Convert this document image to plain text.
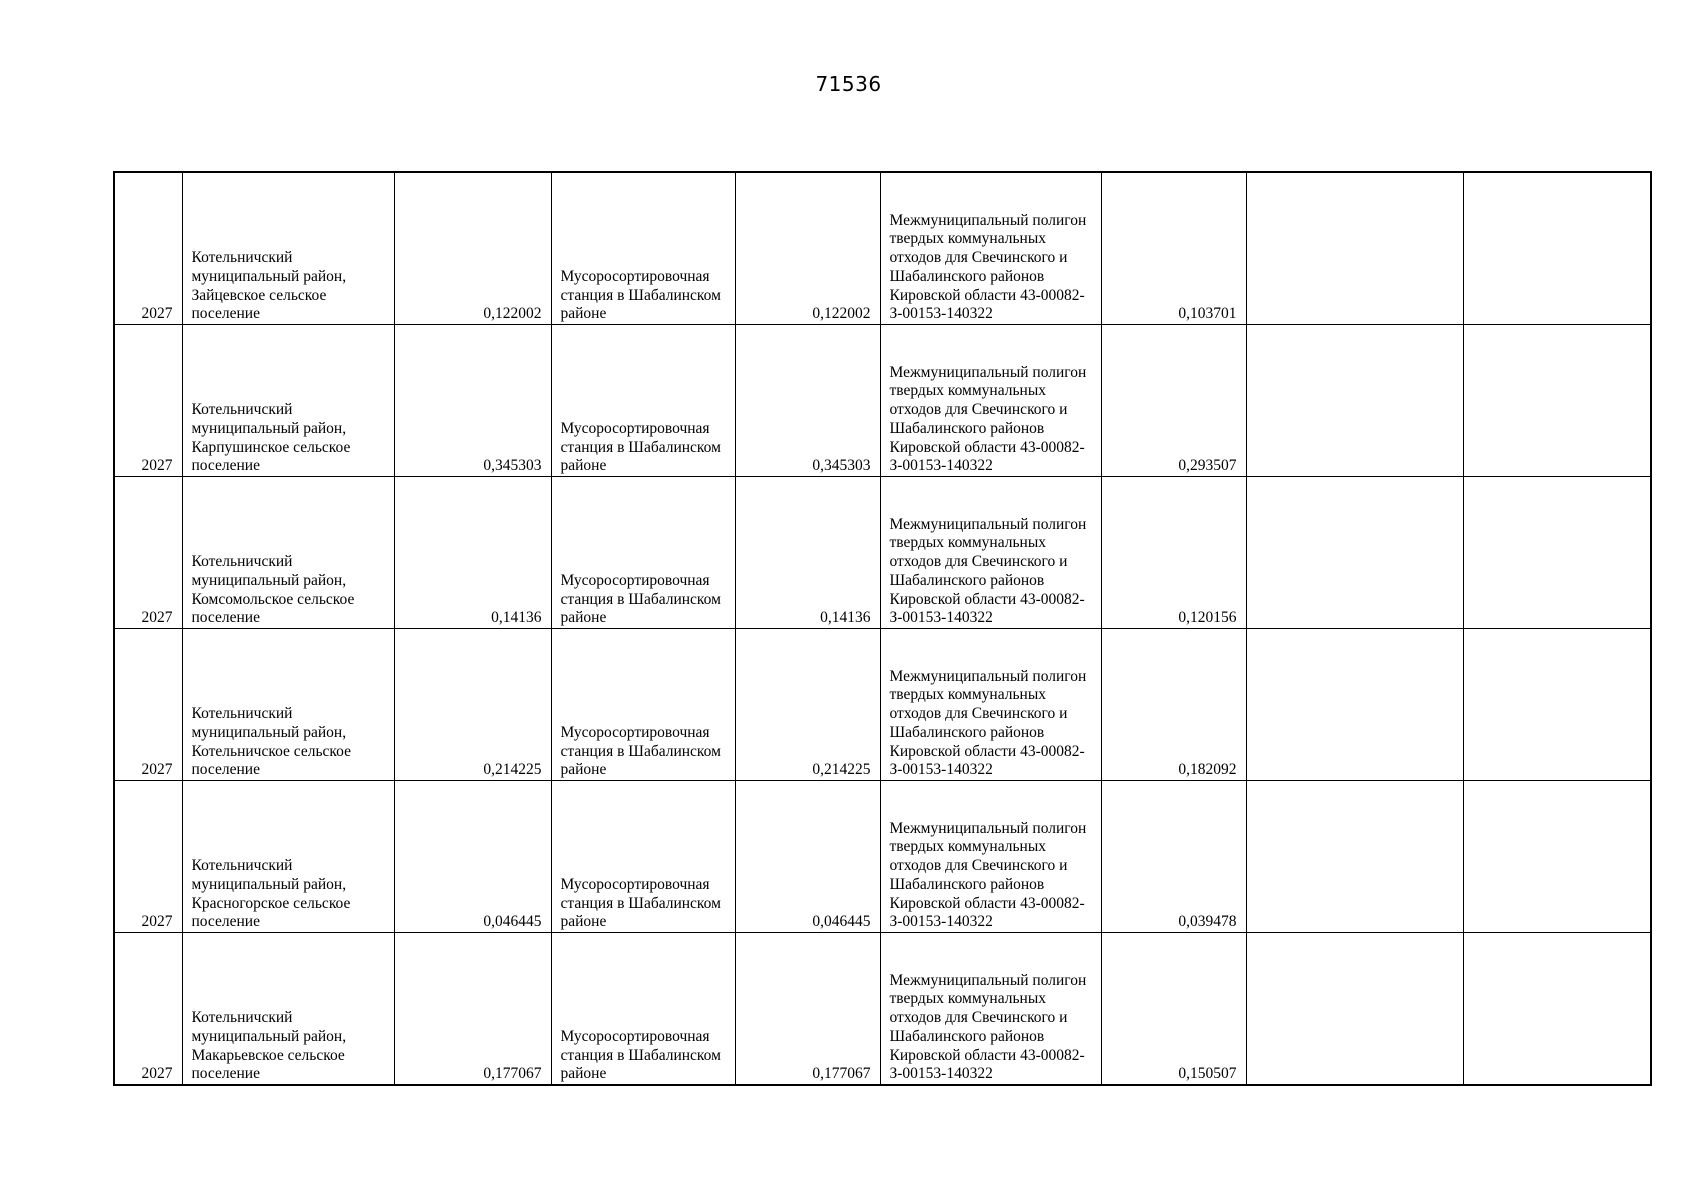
71536
2027	Котельничский муниципальный район, Зайцевское сельское поселение	0,122002	Мусоросортировочная станция в Шабалинском районе	0,122002	Межмуниципальный полигон твердых коммунальных отходов для Свечинского и Шабалинского районов Кировской области 43-00082-З-00153-140322	0,103701		

2027	Котельничский муниципальный район, Карпушинское сельское поселение	0,345303	Мусоросортировочная станция в Шабалинском районе	0,345303	Межмуниципальный полигон твердых коммунальных отходов для Свечинского и Шабалинского районов Кировской области 43-00082-З-00153-140322	0,293507		

2027	Котельничский муниципальный район, Комсомольское сельское поселение	0,14136	Мусоросортировочная станция в Шабалинском районе	0,14136	Межмуниципальный полигон твердых коммунальных отходов для Свечинского и Шабалинского районов Кировской области 43-00082-З-00153-140322	0,120156		

2027	Котельничский муниципальный район, Котельничское сельское поселение	0,214225	Мусоросортировочная станция в Шабалинском районе	0,214225	Межмуниципальный полигон твердых коммунальных отходов для Свечинского и Шабалинского районов Кировской области 43-00082-З-00153-140322	0,182092		

2027	Котельничский муниципальный район, Красногорское сельское поселение	0,046445	Мусоросортировочная станция в Шабалинском районе	0,046445	Межмуниципальный полигон твердых коммунальных отходов для Свечинского и Шабалинского районов Кировской области 43-00082-З-00153-140322	0,039478		

2027	Котельничский муниципальный район, Макарьевское сельское поселение	0,177067	Мусоросортировочная станция в Шабалинском районе	0,177067	Межмуниципальный полигон твердых коммунальных отходов для Свечинского и Шабалинского районов Кировской области 43-00082-З-00153-140322	0,150507		
